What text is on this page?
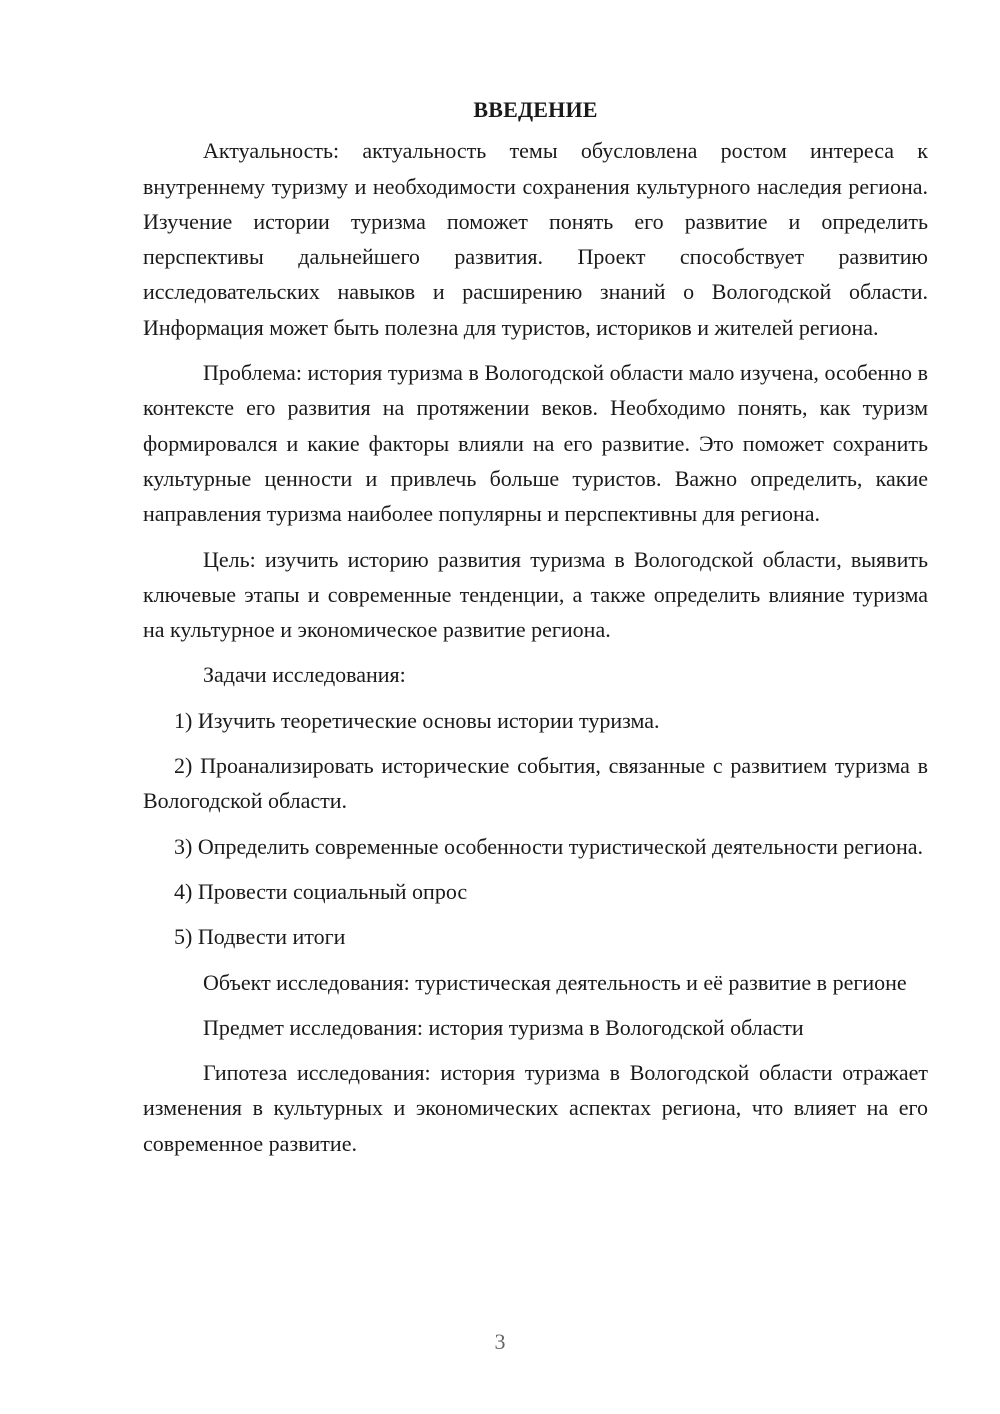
ВВЕДЕНИЕ

Актуальность: актуальность темы обусловлена ростом интереса к внутреннему туризму и необходимости сохранения культурного наследия региона. Изучение истории туризма поможет понять его развитие и определить перспективы дальнейшего развития. Проект способствует развитию исследовательских навыков и расширению знаний о Вологодской области. Информация может быть полезна для туристов, историков и жителей региона.

Проблема: история туризма в Вологодской области мало изучена, особенно в контексте его развития на протяжении веков. Необходимо понять, как туризм формировался и какие факторы влияли на его развитие. Это поможет сохранить культурные ценности и привлечь больше туристов. Важно определить, какие направления туризма наиболее популярны и перспективны для региона.

Цель: изучить историю развития туризма в Вологодской области, выявить ключевые этапы и современные тенденции, а также определить влияние туризма на культурное и экономическое развитие региона.

Задачи исследования:

1) Изучить теоретические основы истории туризма.

2) Проанализировать исторические события, связанные с развитием туризма в Вологодской области.

3) Определить современные особенности туристической деятельности региона.

4) Провести социальный опрос

5) Подвести итоги

Объект исследования: туристическая деятельность и её развитие в регионе

Предмет исследования: история туризма в Вологодской области

Гипотеза исследования: история туризма в Вологодской области отражает изменения в культурных и экономических аспектах региона, что влияет на его современное развитие.

3
